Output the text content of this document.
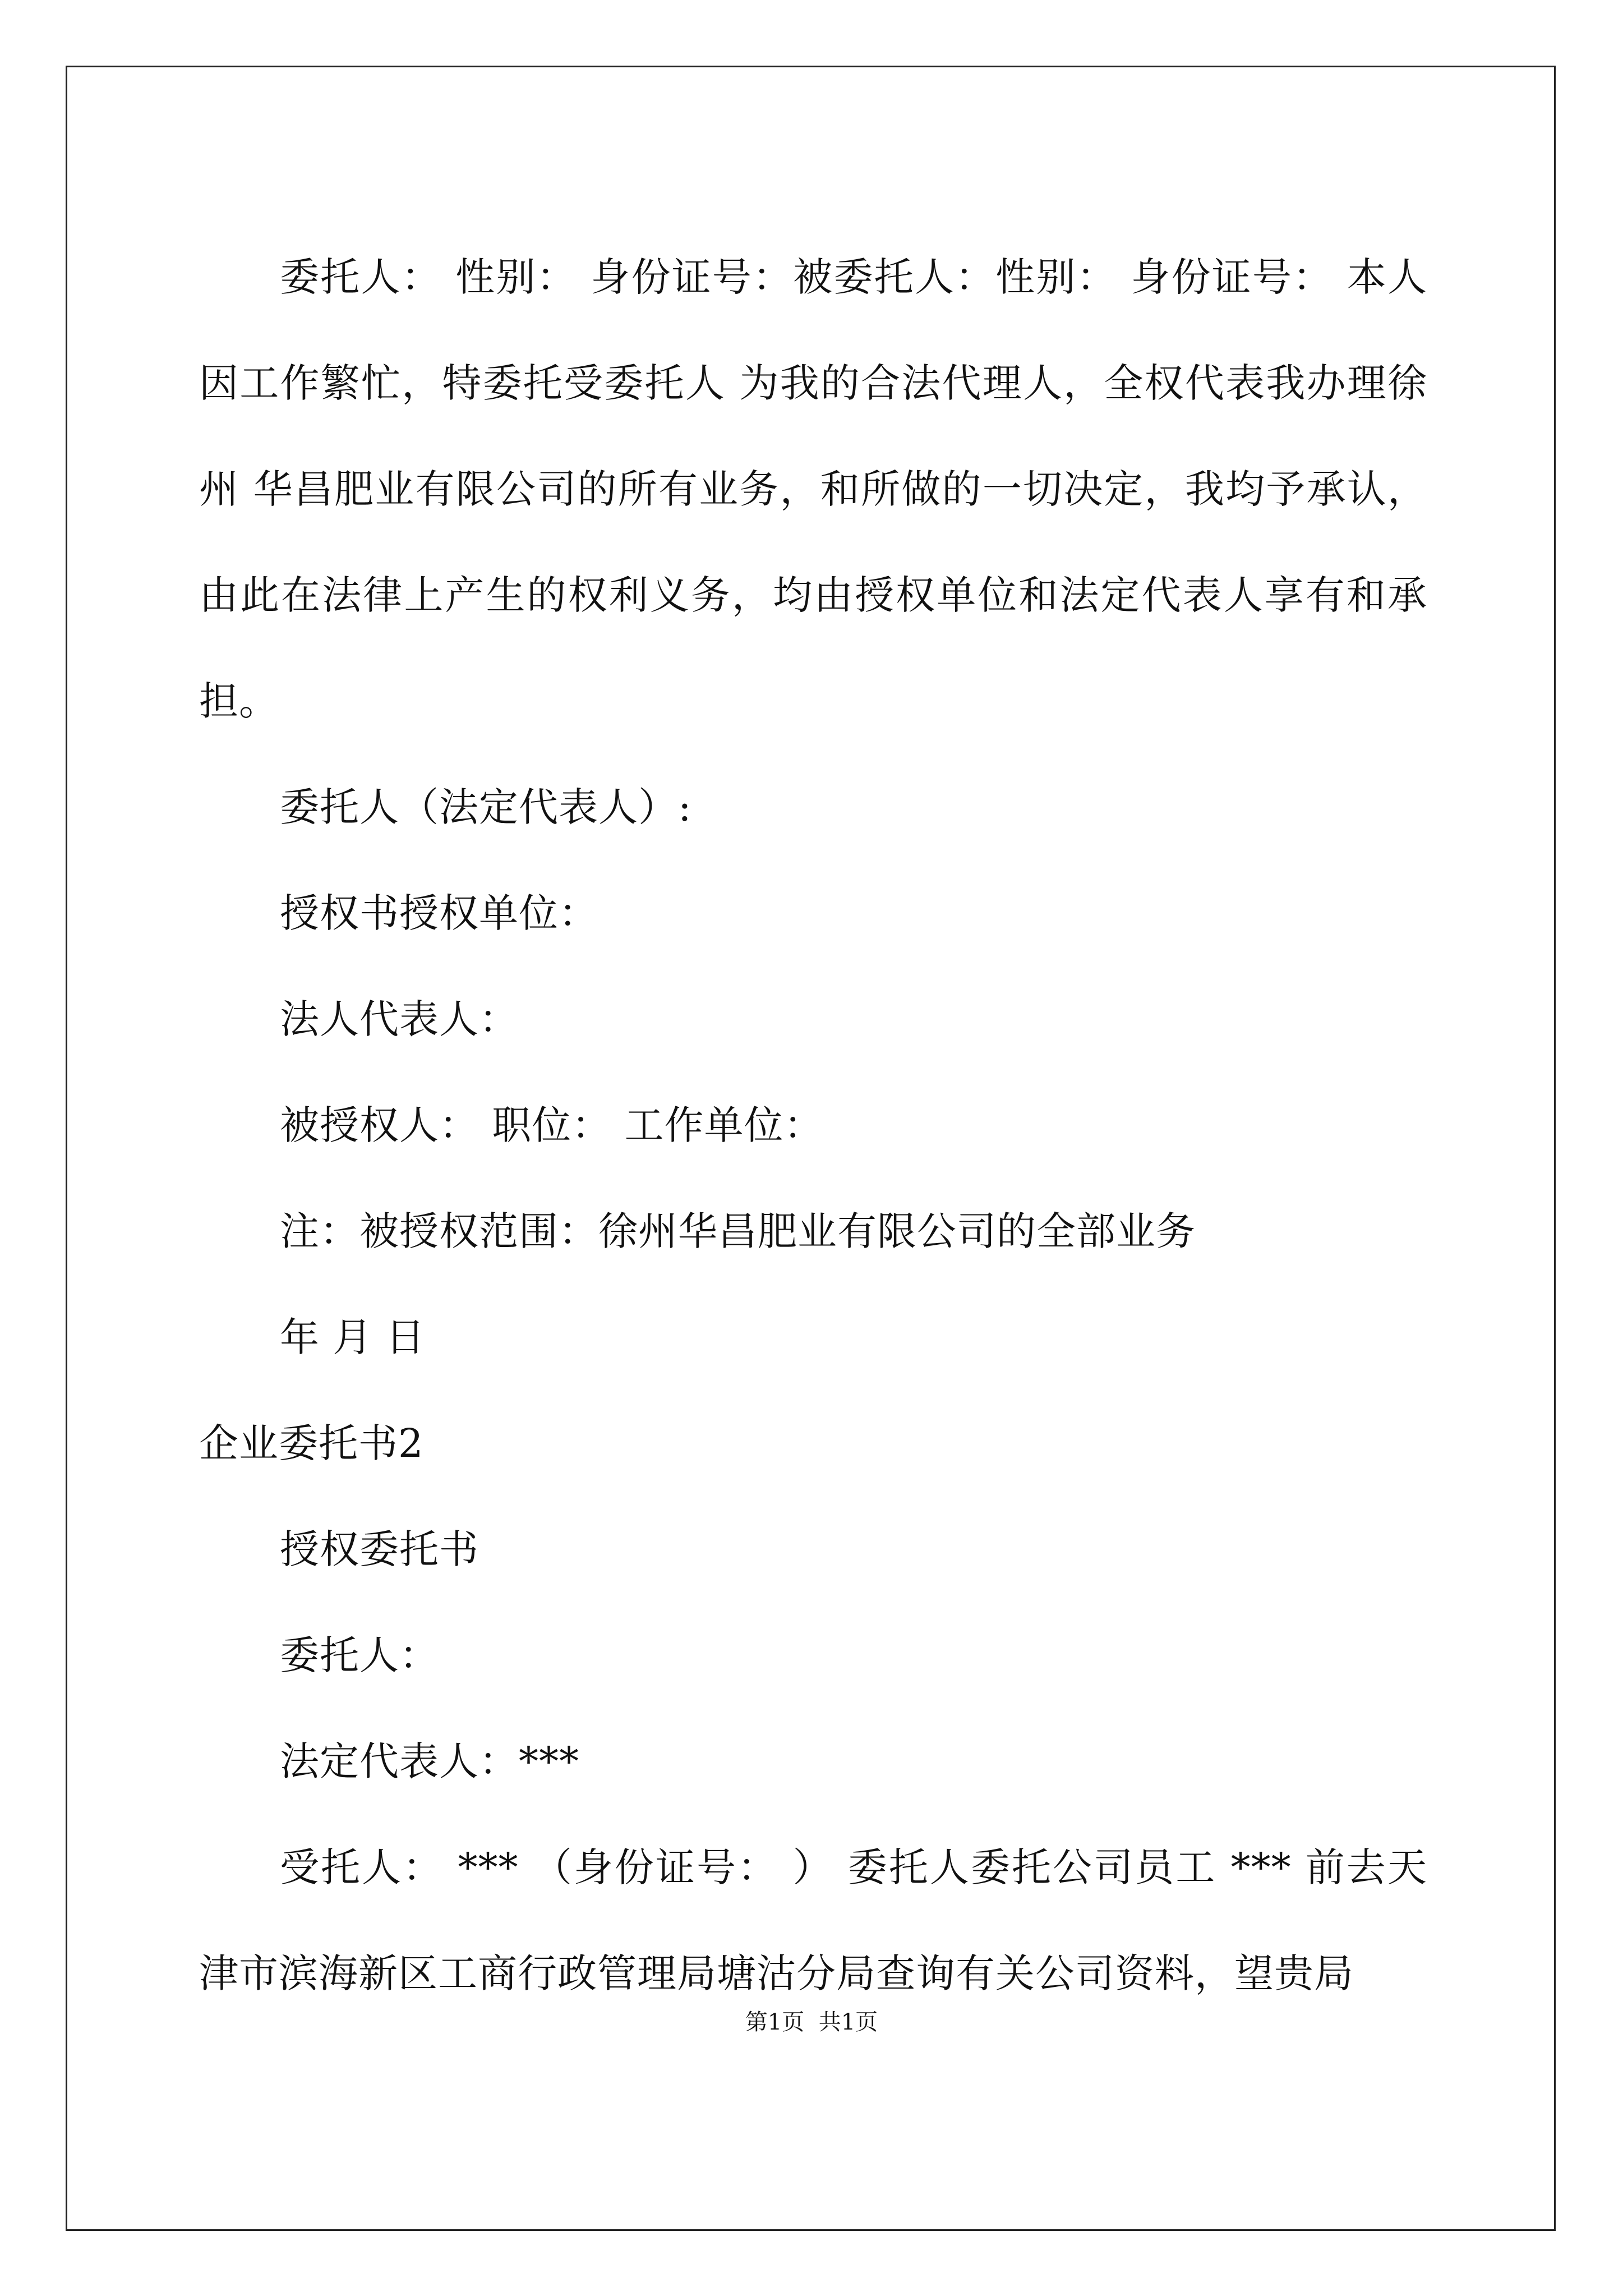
委托人： 性别： 身份证号：被委托人：性别： 身份证号： 本人因工作繁忙，特委托受委托人 为我的合法代理人，全权代表我办理徐州 华昌肥业有限公司的所有业务，和所做的一切决定，我均予承认，由此在法律上产生的权利义务，均由授权单位和法定代表人享有和承担。

委托人（法定代表人）:
授权书授权单位：
法人代表人：
被授权人： 职位： 工作单位：
注：被授权范围：徐州华昌肥业有限公司的全部业务
年 月 日
企业委托书2
授权委托书
委托人：
法定代表人：***

受托人： *** （身份证号： ） 委托人委托公司员工 *** 前去天津市滨海新区工商行政管理局塘沽分局查询有关公司资料，望贵局

第1页  共1页
